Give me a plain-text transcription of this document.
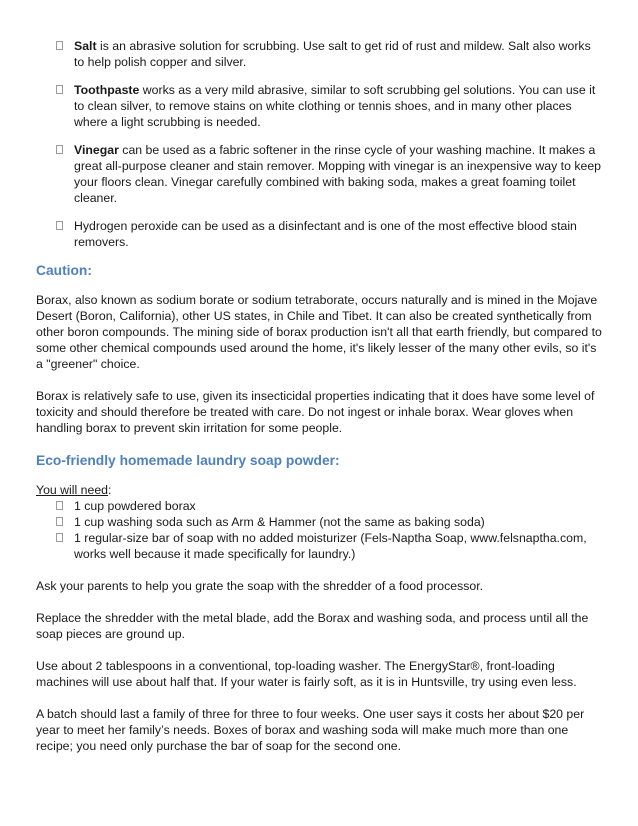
Salt is an abrasive solution for scrubbing. Use salt to get rid of rust and mildew. Salt also works to help polish copper and silver.
Toothpaste works as a very mild abrasive, similar to soft scrubbing gel solutions. You can use it to clean silver, to remove stains on white clothing or tennis shoes, and in many other places where a light scrubbing is needed.
Vinegar can be used as a fabric softener in the rinse cycle of your washing machine. It makes a great all-purpose cleaner and stain remover. Mopping with vinegar is an inexpensive way to keep your floors clean. Vinegar carefully combined with baking soda, makes a great foaming toilet cleaner.
Hydrogen peroxide can be used as a disinfectant and is one of the most effective blood stain removers.
Caution:

Borax, also known as sodium borate or sodium tetraborate, occurs naturally and is mined in the Mojave Desert (Boron, California), other US states, in Chile and Tibet. It can also be created synthetically from other boron compounds. The mining side of borax production isn't all that earth friendly, but compared to some other chemical compounds used around the home, it's likely lesser of the many other evils, so it's a "greener" choice.

Borax is relatively safe to use, given its insecticidal properties indicating that it does have some level of toxicity and should therefore be treated with care. Do not ingest or inhale borax. Wear gloves when handling borax to prevent skin irritation for some people.

Eco-friendly homemade laundry soap powder:

You will need:

1 cup powdered borax
1 cup washing soda such as Arm & Hammer (not the same as baking soda)
1 regular-size bar of soap with no added moisturizer (Fels-Naptha Soap, www.felsnaptha.com, works well because it made specifically for laundry.)

Ask your parents to help you grate the soap with the shredder of a food processor.

Replace the shredder with the metal blade, add the Borax and washing soda, and process until all the soap pieces are ground up.

Use about 2 tablespoons in a conventional, top-loading washer. The EnergyStar®, front-loading machines will use about half that. If your water is fairly soft, as it is in Huntsville, try using even less.

A batch should last a family of three for three to four weeks. One user says it costs her about $20 per year to meet her family’s needs. Boxes of borax and washing soda will make much more than one recipe; you need only purchase the bar of soap for the second one.
